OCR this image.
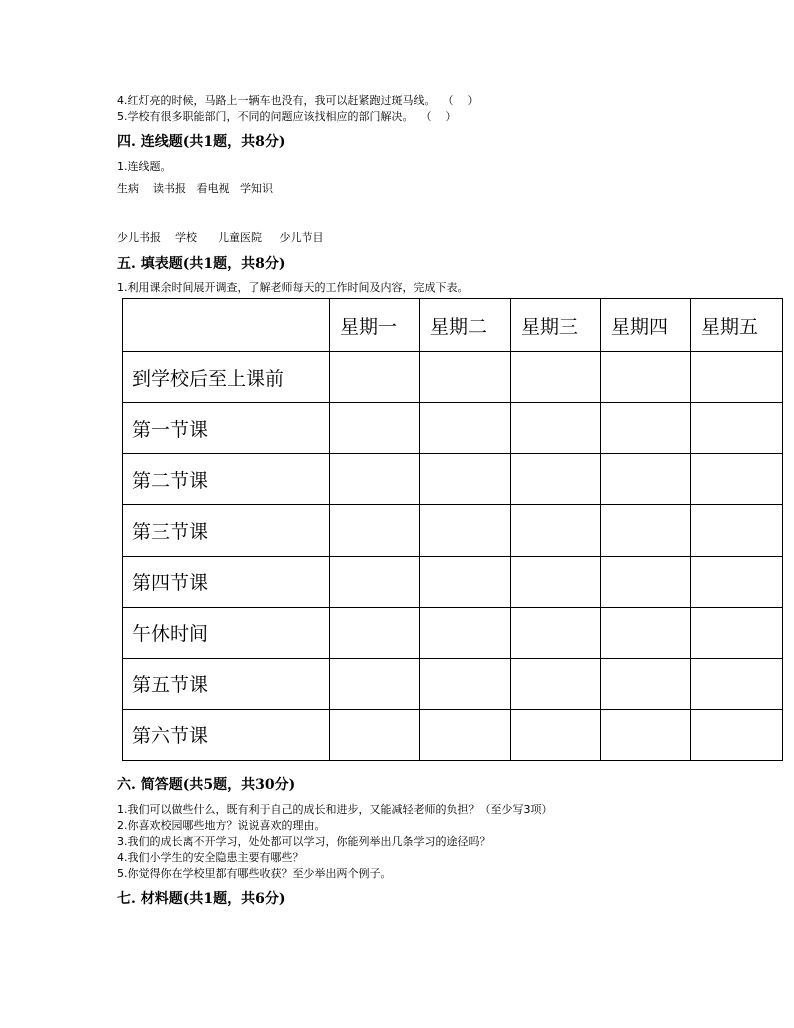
4.红灯亮的时候，马路上一辆车也没有，我可以赶紧跑过斑马线。  （    ）
5.学校有很多职能部门，不同的问题应该找相应的部门解决。  （    ）
四. 连线题(共1题，共8分)
1.连线题。
生病    读书报   看电视   学知识
少儿书报    学校      儿童医院     少儿节目
五. 填表题(共1题，共8分)
1.利用课余时间展开调查，了解老师每天的工作时间及内容，完成下表。
	星期一	星期二	星期三	星期四	星期五
到学校后至上课前					
第一节课					
第二节课					
第三节课					
第四节课					
午休时间					
第五节课					
第六节课					
六. 简答题(共5题，共30分)
1.我们可以做些什么，既有利于自己的成长和进步，又能减轻老师的负担？（至少写3项）
2.你喜欢校园哪些地方？说说喜欢的理由。
3.我们的成长离不开学习，处处都可以学习，你能列举出几条学习的途径吗？
4.我们小学生的安全隐患主要有哪些？
5.你觉得你在学校里都有哪些收获？至少举出两个例子。
七. 材料题(共1题，共6分)
